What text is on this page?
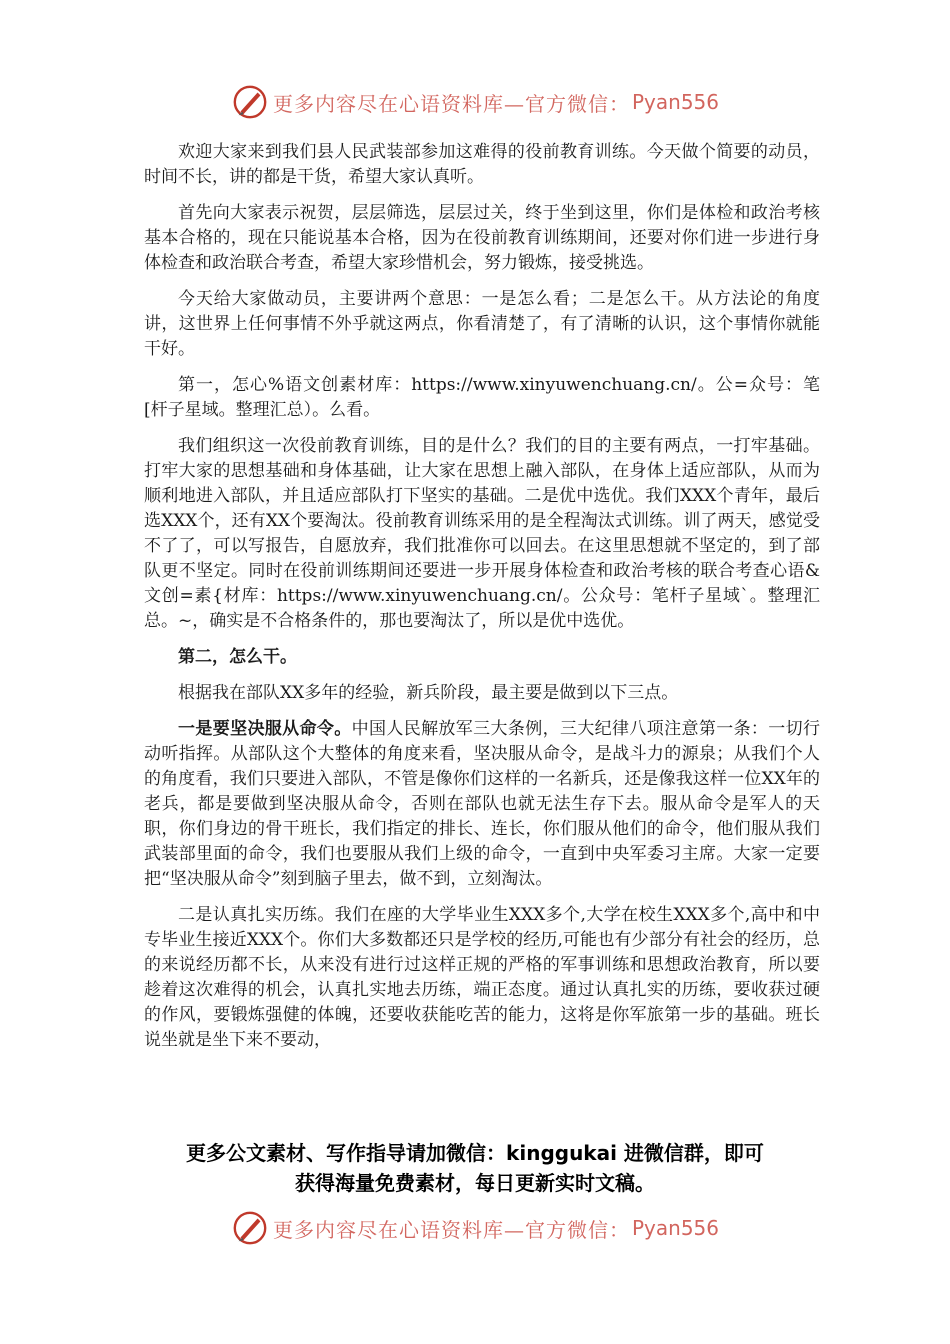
更多内容尽在心语资料库—官方微信： Pyan556

欢迎大家来到我们县人民武装部参加这难得的役前教育训练。今天做个简要的动员，时间不长，讲的都是干货，希望大家认真听。

首先向大家表示祝贺，层层筛选，层层过关，终于坐到这里，你们是体检和政治考核基本合格的，现在只能说基本合格，因为在役前教育训练期间，还要对你们进一步进行身体检查和政治联合考查，希望大家珍惜机会，努力锻炼，接受挑选。

今天给大家做动员，主要讲两个意思：一是怎么看；二是怎么干。从方法论的角度讲，这世界上任何事情不外乎就这两点，你看清楚了，有了清晰的认识，这个事情你就能干好。

第一，怎心%语文创素材库：https://www.xinyuwenchuang.cn/。公=众号：笔[杆子星域。整理汇总）。么看。

我们组织这一次役前教育训练，目的是什么？我们的目的主要有两点，一打牢基础。打牢大家的思想基础和身体基础，让大家在思想上融入部队，在身体上适应部队，从而为顺利地进入部队，并且适应部队打下坚实的基础。二是优中选优。我们XXX个青年，最后选XXX个，还有XX个要淘汰。役前教育训练采用的是全程淘汰式训练。训了两天，感觉受不了了，可以写报告，自愿放弃，我们批准你可以回去。在这里思想就不坚定的，到了部队更不坚定。同时在役前训练期间还要进一步开展身体检查和政治考核的联合考查心语&文创=素{材库：https://www.xinyuwenchuang.cn/。公众号：笔杆子星域`。整理汇总。~，确实是不合格条件的，那也要淘汰了，所以是优中选优。

第二，怎么干。

根据我在部队XX多年的经验，新兵阶段，最主要是做到以下三点。

一是要坚决服从命令。中国人民解放军三大条例，三大纪律八项注意第一条：一切行动听指挥。从部队这个大整体的角度来看，坚决服从命令，是战斗力的源泉；从我们个人的角度看，我们只要进入部队，不管是像你们这样的一名新兵，还是像我这样一位XX年的老兵，都是要做到坚决服从命令，否则在部队也就无法生存下去。服从命令是军人的天职，你们身边的骨干班长，我们指定的排长、连长，你们服从他们的命令，他们服从我们武装部里面的命令，我们也要服从我们上级的命令，一直到中央军委习主席。大家一定要把“坚决服从命令”刻到脑子里去，做不到，立刻淘汰。

二是认真扎实历练。我们在座的大学毕业生XXX多个,大学在校生XXX多个,高中和中专毕业生接近XXX个。你们大多数都还只是学校的经历,可能也有少部分有社会的经历，总的来说经历都不长，从来没有进行过这样正规的严格的军事训练和思想政治教育，所以要趁着这次难得的机会，认真扎实地去历练，端正态度。通过认真扎实的历练，要收获过硬的作风，要锻炼强健的体魄，还要收获能吃苦的能力，这将是你军旅第一步的基础。班长说坐就是坐下来不要动，

更多公文素材、写作指导请加微信：kinggukai 进微信群，即可
获得海量免费素材，每日更新实时文稿。
更多内容尽在心语资料库—官方微信： Pyan556
